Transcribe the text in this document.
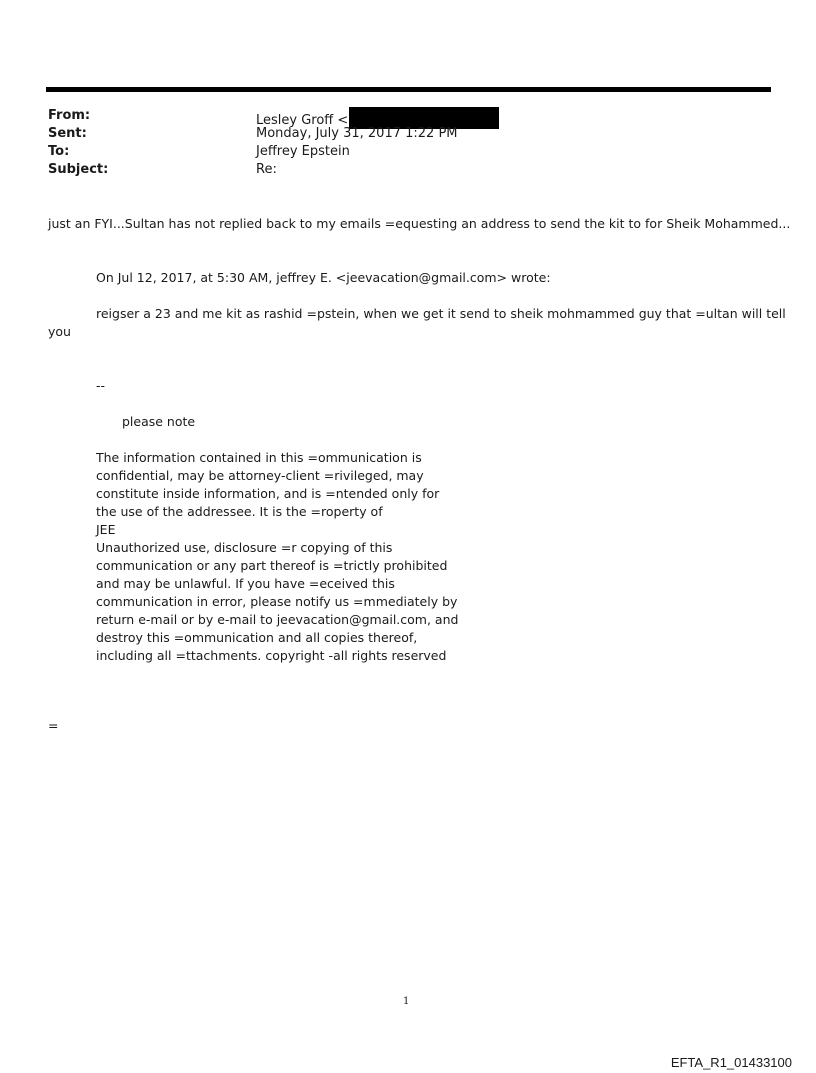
From:	Lesley Groff <
Sent:	Monday, July 31, 2017 1:22 PM
To:	Jeffrey Epstein
Subject:	Re:
just an FYI...Sultan has not replied back to my emails =equesting an address to send the kit to for Sheik Mohammed...
On Jul 12, 2017, at 5:30 AM, jeffrey E. <jeevacation@gmail.com> wrote:
reigser a 23 and me kit as rashid =pstein, when we get it send to sheik mohmammed guy that =ultan will tell
you
--
please note
The information contained in this =ommunication is
confidential, may be attorney-client =rivileged, may
constitute inside information, and is =ntended only for
the use of the addressee. It is the =roperty of
JEE
Unauthorized use, disclosure =r copying of this
communication or any part thereof is =trictly prohibited
and may be unlawful. If you have =eceived this
communication in error, please notify us =mmediately by
return e-mail or by e-mail to jeevacation@gmail.com, and
destroy this =ommunication and all copies thereof,
including all =ttachments. copyright -all rights reserved
=
1
EFTA_R1_01433100
